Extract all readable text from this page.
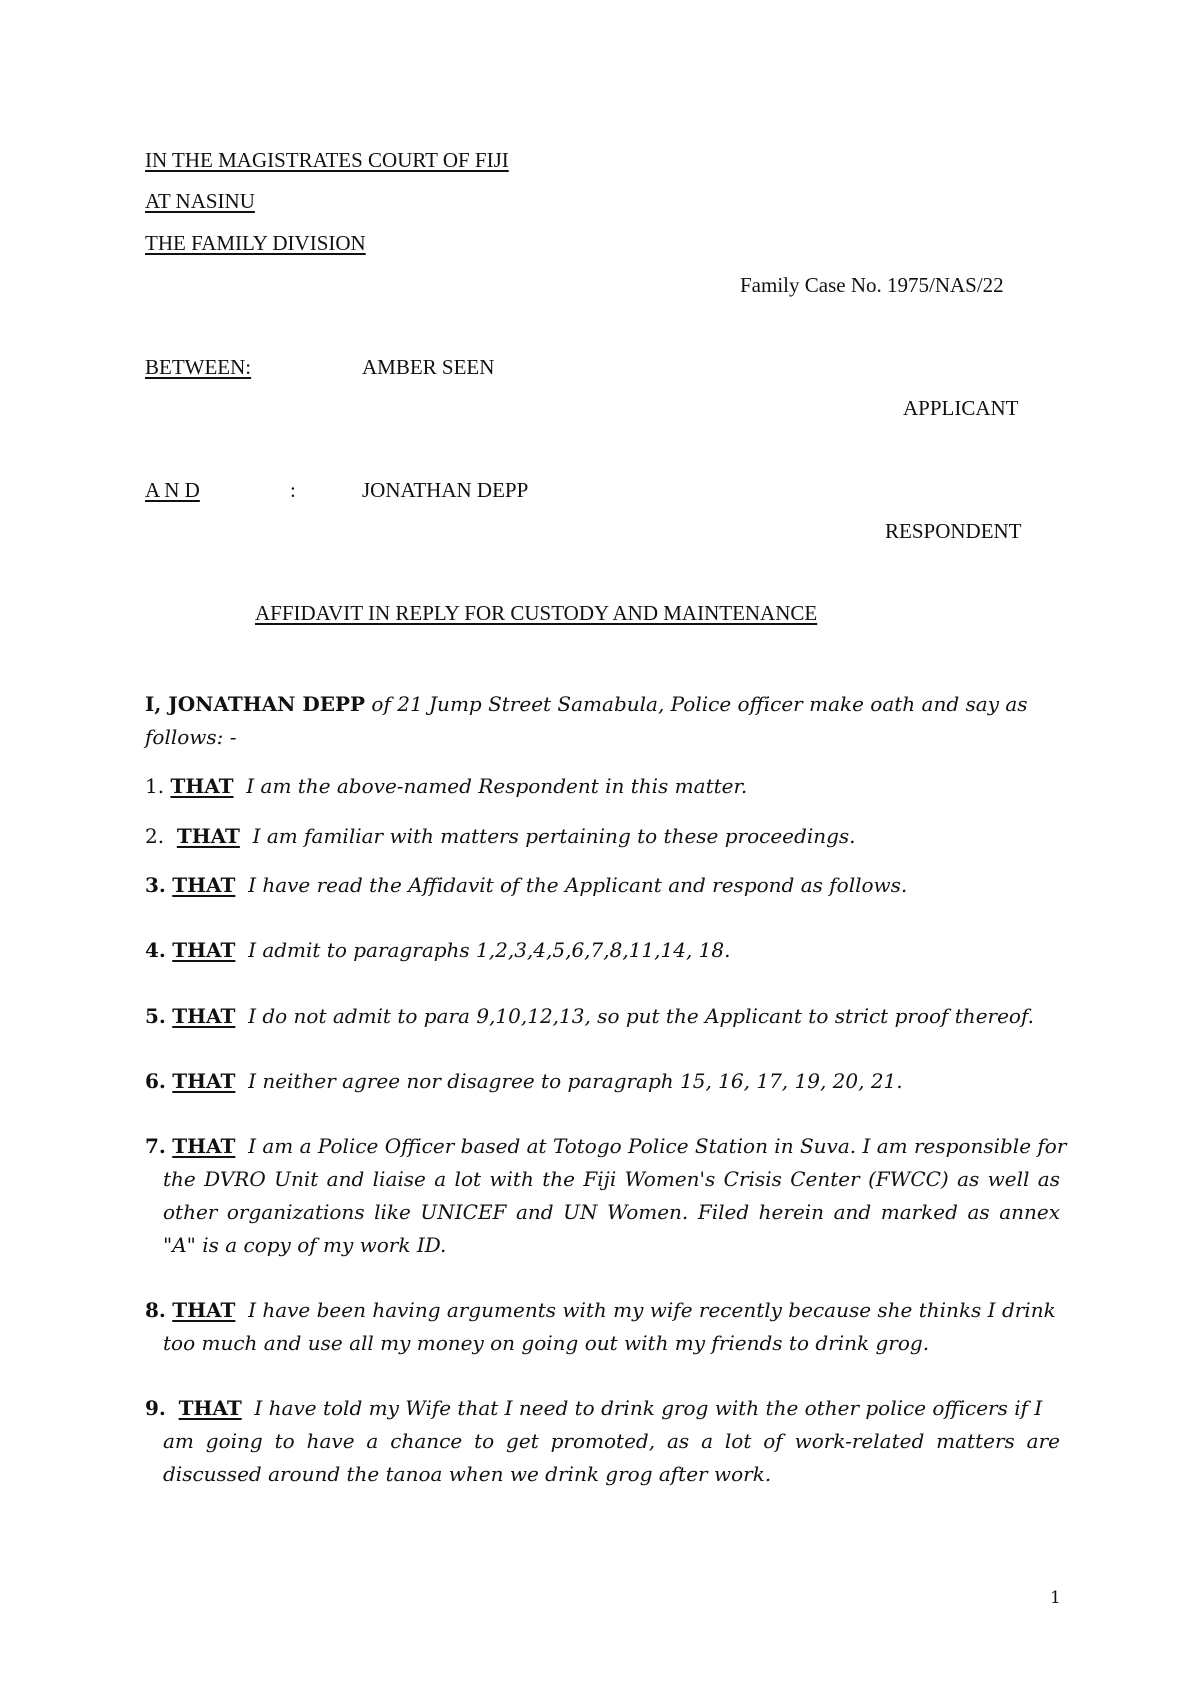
IN THE MAGISTRATES COURT OF FIJI
AT NASINU
THE FAMILY DIVISION
Family Case No. 1975/NAS/22
BETWEEN:	AMBER SEEN
APPLICANT
A N D	:	JONATHAN DEPP
RESPONDENT
AFFIDAVIT IN REPLY FOR CUSTODY AND MAINTENANCE
I, JONATHAN DEPP of 21 Jump Street Samabula, Police officer make oath and say as
follows: -
1. THAT I am the above-named Respondent in this matter.
2. THAT I am familiar with matters pertaining to these proceedings.
3. THAT I have read the Affidavit of the Applicant and respond as follows.
4. THAT I admit to paragraphs 1,2,3,4,5,6,7,8,11,14, 18.
5. THAT I do not admit to para 9,10,12,13, so put the Applicant to strict proof thereof.
6. THAT I neither agree nor disagree to paragraph 15, 16, 17, 19, 20, 21.
7. THAT I am a Police Officer based at Totogo Police Station in Suva. I am responsible for
the DVRO Unit and liaise a lot with the Fiji Women's Crisis Center (FWCC) as well as other organizations like UNICEF and UN Women. Filed herein and marked as annex "A" is a copy of my work ID.
8. THAT I have been having arguments with my wife recently because she thinks I drink
too much and use all my money on going out with my friends to drink grog.
9. THAT I have told my Wife that I need to drink grog with the other police officers if I
am going to have a chance to get promoted, as a lot of work-related matters are discussed around the tanoa when we drink grog after work.
1
